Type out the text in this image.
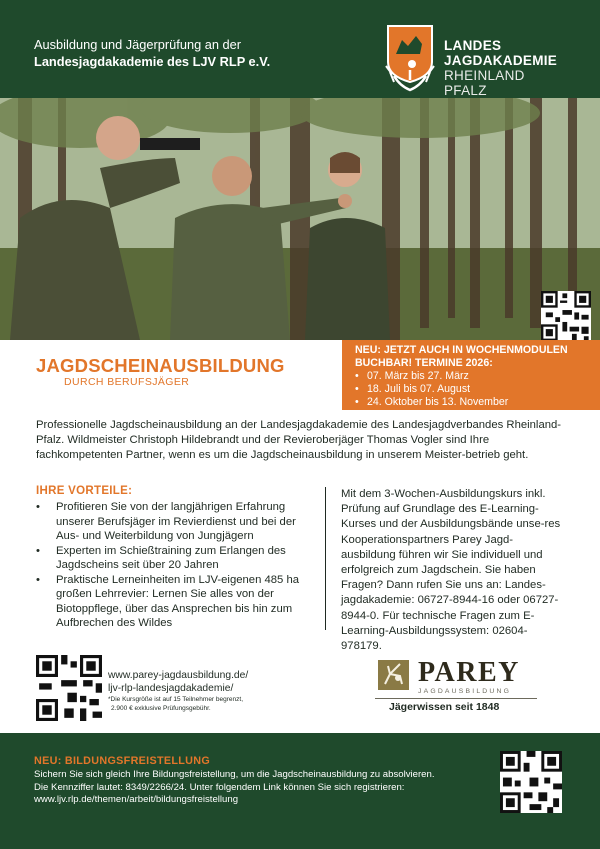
Ausbildung und Jägerprüfung an der
Landesjagdakademie des LJV RLP e.V.
LANDES
JAGDAKADEMIE
RHEINLAND
PFALZ
NEU: JETZT AUCH IN WOCHENMODULEN BUCHBAR! TERMINE 2026:
• 07. März bis 27. März
• 18. Juli bis 07. August
• 24. Oktober bis 13. November
JAGDSCHEINAUSBILDUNG
DURCH BERUFSJÄGER

Professionelle Jagdscheinausbildung an der Landesjagdakademie des Landesjagdverbandes Rheinland-Pfalz. Wildmeister Christoph Hildebrandt und der Revieroberjäger Thomas Vogler sind Ihre fachkompetenten Partner, wenn es um die Jagdscheinausbildung in unserem Meister-betrieb geht.

IHRE VORTEILE:
• Profitieren Sie von der langjährigen Erfahrung unserer Berufsjäger im Revierdienst und bei der Aus- und Weiterbildung von Jungjägern
• Experten im Schießtraining zum Erlangen des Jagdscheins seit über 20 Jahren
• Praktische Lerneinheiten im LJV-eigenen 485 ha großen Lehrrevier: Lernen Sie alles von der Biotoppflege, über das Ansprechen bis hin zum Aufbrechen des Wildes

Mit dem 3-Wochen-Ausbildungskurs inkl. Prüfung auf Grundlage des E-Learning-Kurses und der Ausbildungsbände unse-res Kooperationspartners Parey Jagd-ausbildung führen wir Sie individuell und erfolgreich zum Jagdschein. Sie haben Fragen? Dann rufen Sie uns an: Landes-jagdakademie: 06727-8944-16 oder 06727-8944-0. Für technische Fragen zum E-Learning-Ausbildungssystem: 02604-978179.

www.parey-jagdausbildung.de/
ljv-rlp-landesjagdakademie/
*Die Kursgröße ist auf 15 Teilnehmer begrenzt,
2.900 € exklusive Prüfungsgebühr.
PAREY
JAGDAUSBILDUNG
Jägerwissen seit 1848
NEU: BILDUNGSFREISTELLUNG
Sichern Sie sich gleich Ihre Bildungsfreistellung, um die Jagdscheinausbildung zu absolvieren.
Die Kennziffer lautet: 8349/2266/24. Unter folgendem Link können Sie sich registrieren:
www.ljv.rlp.de/themen/arbeit/bildungsfreistellung
